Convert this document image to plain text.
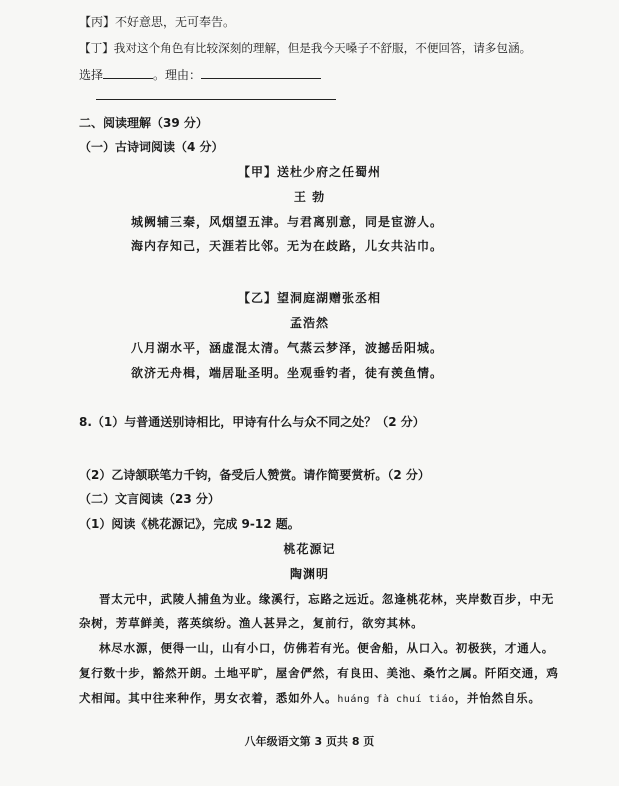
【丙】不好意思，无可奉告。
【丁】我对这个角色有比较深刻的理解，但是我今天嗓子不舒服，不便回答，请多包涵。
选择	。理由：
二、阅读理解（39 分）
（一）古诗词阅读（4 分）
【甲】送杜少府之任蜀州
王 勃
城阙辅三秦，风烟望五津。与君离别意，同是宦游人。
海内存知己，天涯若比邻。无为在歧路，儿女共沾巾。
【乙】望洞庭湖赠张丞相
孟浩然
八月湖水平，涵虚混太清。气蒸云梦泽，波撼岳阳城。
欲济无舟楫，端居耻圣明。坐观垂钓者，徒有羡鱼情。
8.（1）与普通送别诗相比，甲诗有什么与众不同之处？（2 分）
（2）乙诗颔联笔力千钧，备受后人赞赏。请作简要赏析。（2 分）
（二）文言阅读（23 分）
（1）阅读《桃花源记》，完成 9-12 题。
桃花源记
陶渊明
晋太元中，武陵人捕鱼为业。缘溪行，忘路之远近。忽逢桃花林，夹岸数百步，中无
杂树，芳草鲜美，落英缤纷。渔人甚异之，复前行，欲穷其林。
林尽水源，便得一山，山有小口，仿佛若有光。便舍船，从口入。初极狭，才通人。
复行数十步，豁然开朗。土地平旷，屋舍俨然，有良田、美池、桑竹之属。阡陌交通，鸡
犬相闻。其中往来种作，男女衣着，悉如外人。huáng fà chuí tiáo，并怡然自乐。
八年级语文第 3 页共 8 页
